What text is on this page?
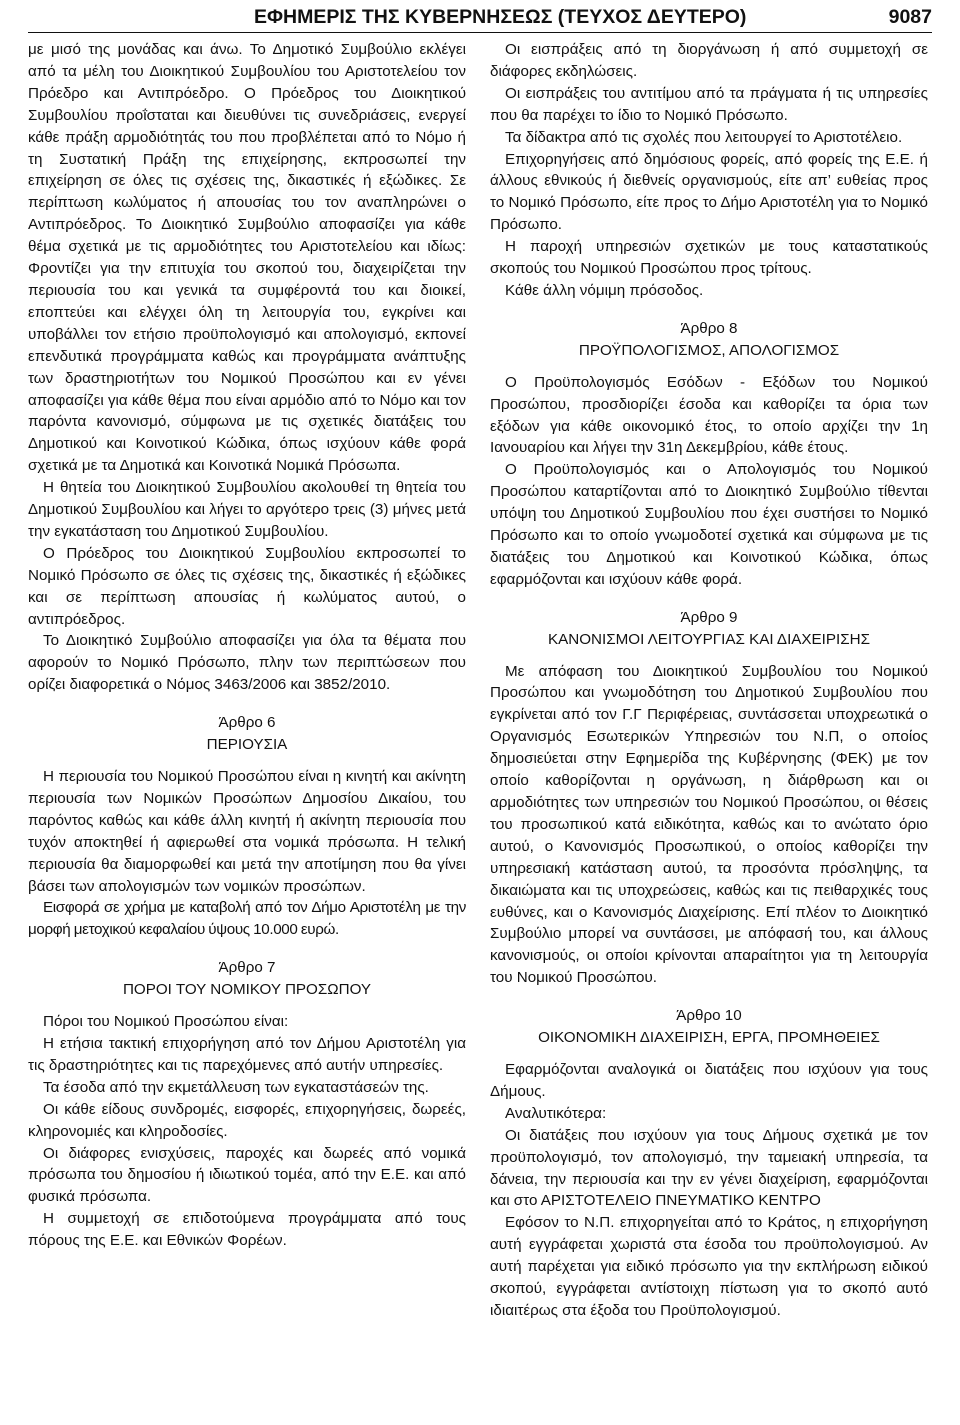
ΕΦΗΜΕΡΙΣ ΤΗΣ ΚΥΒΕΡΝΗΣΕΩΣ (ΤΕΥΧΟΣ ΔΕΥΤΕΡΟ)	9087

με μισό της μονάδας και άνω. Το Δημοτικό Συμβούλιο εκλέγει από τα μέλη του Διοικητικού Συμβουλίου του Αριστοτελείου τον Πρόεδρο και Αντιπρόεδρο. Ο Πρόεδρος του Διοικητικού Συμβουλίου προΐσταται και διευθύνει τις συνεδριάσεις, ενεργεί κάθε πράξη αρμοδιότητάς του που προβλέπεται από το Νόμο ή τη Συστατική Πράξη της επιχείρησης, εκπροσωπεί την επιχείρηση σε όλες τις σχέσεις της, δικαστικές ή εξώδικες. Σε περίπτωση κωλύματος ή απουσίας του τον αναπληρώνει ο Αντιπρόεδρος. Το Διοικητικό Συμβούλιο αποφασίζει για κάθε θέμα σχετικά με τις αρμοδιότητες του Αριστοτελείου και ιδίως: Φροντίζει για την επιτυχία του σκοπού του, διαχειρίζεται την περιουσία του και γενικά τα συμφέροντά του και διοικεί, εποπτεύει και ελέγχει όλη τη λειτουργία του, εγκρίνει και υποβάλλει τον ετήσιο προϋπολογισμό και απολογισμό, εκπονεί επενδυτικά προγράμματα καθώς και προγράμματα ανάπτυξης των δραστηριοτήτων του Νομικού Προσώπου και εν γένει αποφασίζει για κάθε θέμα που είναι αρμόδιο από το Νόμο και τον παρόντα κανονισμό, σύμφωνα με τις σχετικές διατάξεις του Δημοτικού και Κοινοτικού Κώδικα, όπως ισχύουν κάθε φορά σχετικά με τα Δημοτικά και Κοινοτικά Νομικά Πρόσωπα.

Η θητεία του Διοικητικού Συμβουλίου ακολουθεί τη θητεία του Δημοτικού Συμβουλίου και λήγει το αργότερο τρεις (3) μήνες μετά την εγκατάσταση του Δημοτικού Συμβουλίου.

Ο Πρόεδρος του Διοικητικού Συμβουλίου εκπροσωπεί το Νομικό Πρόσωπο σε όλες τις σχέσεις της, δικαστικές ή εξώδικες και σε περίπτωση απουσίας ή κωλύματος αυτού, ο αντιπρόεδρος.

Το Διοικητικό Συμβούλιο αποφασίζει για όλα τα θέματα που αφορούν το Νομικό Πρόσωπο, πλην των περιπτώσεων που ορίζει διαφορετικά ο Νόμος 3463/2006 και 3852/2010.

Άρθρο 6
ΠΕΡΙΟΥΣΙΑ

Η περιουσία του Νομικού Προσώπου είναι η κινητή και ακίνητη περιουσία των Νομικών Προσώπων Δημοσίου Δικαίου, του παρόντος καθώς και κάθε άλλη κινητή ή ακίνητη περιουσία που τυχόν αποκτηθεί ή αφιερωθεί στα νομικά πρόσωπα. Η τελική περιουσία θα διαμορφωθεί και μετά την αποτίμηση που θα γίνει βάσει των απολογισμών των νομικών προσώπων.

Εισφορά σε χρήμα με καταβολή από τον Δήμο Αριστοτέλη με την μορφή μετοχικού κεφαλαίου ύψους 10.000 ευρώ.

Άρθρο 7
ΠΟΡΟΙ ΤΟΥ ΝΟΜΙΚΟΥ ΠΡΟΣΩΠΟΥ

Πόροι του Νομικού Προσώπου είναι:

Η ετήσια τακτική επιχορήγηση από τον Δήμου Αριστοτέλη για τις δραστηριότητες και τις παρεχόμενες από αυτήν υπηρεσίες.

Τα έσοδα από την εκμετάλλευση των εγκαταστάσεών της.

Οι κάθε είδους συνδρομές, εισφορές, επιχορηγήσεις, δωρεές, κληρονομιές και κληροδοσίες.

Οι διάφορες ενισχύσεις, παροχές και δωρεές από νομικά πρόσωπα του δημοσίου ή ιδιωτικού τομέα, από την Ε.Ε. και από φυσικά πρόσωπα.

Η συμμετοχή σε επιδοτούμενα προγράμματα από τους πόρους της Ε.Ε. και Εθνικών Φορέων.

Οι εισπράξεις από τη διοργάνωση ή από συμμετοχή σε διάφορες εκδηλώσεις.

Οι εισπράξεις του αντιτίμου από τα πράγματα ή τις υπηρεσίες που θα παρέχει το ίδιο το Νομικό Πρόσωπο.

Τα δίδακτρα από τις σχολές που λειτουργεί το Αριστοτέλειο.

Επιχορηγήσεις από δημόσιους φορείς, από φορείς της Ε.Ε. ή άλλους εθνικούς ή διεθνείς οργανισμούς, είτε απ’ ευθείας προς το Νομικό Πρόσωπο, είτε προς το Δήμο Αριστοτέλη για το Νομικό Πρόσωπο.

Η παροχή υπηρεσιών σχετικών με τους καταστατικούς σκοπούς του Νομικού Προσώπου προς τρίτους.

Κάθε άλλη νόμιμη πρόσοδος.

Άρθρο 8
ΠΡΟΫΠΟΛΟΓΙΣΜΟΣ, ΑΠΟΛΟΓΙΣΜΟΣ

Ο Προϋπολογισμός Εσόδων - Εξόδων του Νομικού Προσώπου, προσδιορίζει έσοδα και καθορίζει τα όρια των εξόδων για κάθε οικονομικό έτος, το οποίο αρχίζει την 1η Ιανουαρίου και λήγει την 31η Δεκεμβρίου, κάθε έτους.

Ο Προϋπολογισμός και ο Απολογισμός του Νομικού Προσώπου καταρτίζονται από το Διοικητικό Συμβούλιο τίθενται υπόψη του Δημοτικού Συμβουλίου που έχει συστήσει το Νομικό Πρόσωπο και το οποίο γνωμοδοτεί σχετικά και σύμφωνα με τις διατάξεις του Δημοτικού και Κοινοτικού Κώδικα, όπως εφαρμόζονται και ισχύουν κάθε φορά.

Άρθρο 9
ΚΑΝΟΝΙΣΜΟΙ ΛΕΙΤΟΥΡΓΙΑΣ ΚΑΙ ΔΙΑΧΕΙΡΙΣΗΣ

Με απόφαση του Διοικητικού Συμβουλίου του Νομικού Προσώπου και γνωμοδότηση του Δημοτικού Συμβουλίου που εγκρίνεται από τον Γ.Γ Περιφέρειας, συντάσσεται υποχρεωτικά ο Οργανισμός Εσωτερικών Υπηρεσιών του Ν.Π, ο οποίος δημοσιεύεται στην Εφημερίδα της Κυβέρνησης (ΦΕΚ) με τον οποίο καθορίζονται η οργάνωση, η διάρθρωση και οι αρμοδιότητες των υπηρεσιών του Νομικού Προσώπου, οι θέσεις του προσωπικού κατά ειδικότητα, καθώς και το ανώτατο όριο αυτού, ο Κανονισμός Προσωπικού, ο οποίος καθορίζει την υπηρεσιακή κατάσταση αυτού, τα προσόντα πρόσληψης, τα δικαιώματα και τις υποχρεώσεις, καθώς και τις πειθαρχικές τους ευθύνες, και ο Κανονισμός Διαχείρισης. Επί πλέον το Διοικητικό Συμβούλιο μπορεί να συντάσσει, με απόφασή του, και άλλους κανονισμούς, οι οποίοι κρίνονται απαραίτητοι για τη λειτουργία του Νομικού Προσώπου.

Άρθρο 10
ΟΙΚΟΝΟΜΙΚΗ ΔΙΑΧΕΙΡΙΣΗ, ΕΡΓΑ, ΠΡΟΜΗΘΕΙΕΣ

Εφαρμόζονται αναλογικά οι διατάξεις που ισχύουν για τους Δήμους.

Αναλυτικότερα:

Οι διατάξεις που ισχύουν για τους Δήμους σχετικά με τον προϋπολογισμό, τον απολογισμό, την ταμειακή υπηρεσία, τα δάνεια, την περιουσία και την εν γένει διαχείριση, εφαρμόζονται και στο ΑΡΙΣΤΟΤΕΛΕΙΟ ΠΝΕΥΜΑΤΙΚΟ ΚΕΝΤΡΟ

Εφόσον το Ν.Π. επιχορηγείται από το Κράτος, η επιχορήγηση αυτή εγγράφεται χωριστά στα έσοδα του προϋπολογισμού. Αν αυτή παρέχεται για ειδικό πρόσωπο για την εκπλήρωση ειδικού σκοπού, εγγράφεται αντίστοιχη πίστωση για το σκοπό αυτό ιδιαιτέρως στα έξοδα του Προϋπολογισμού.
